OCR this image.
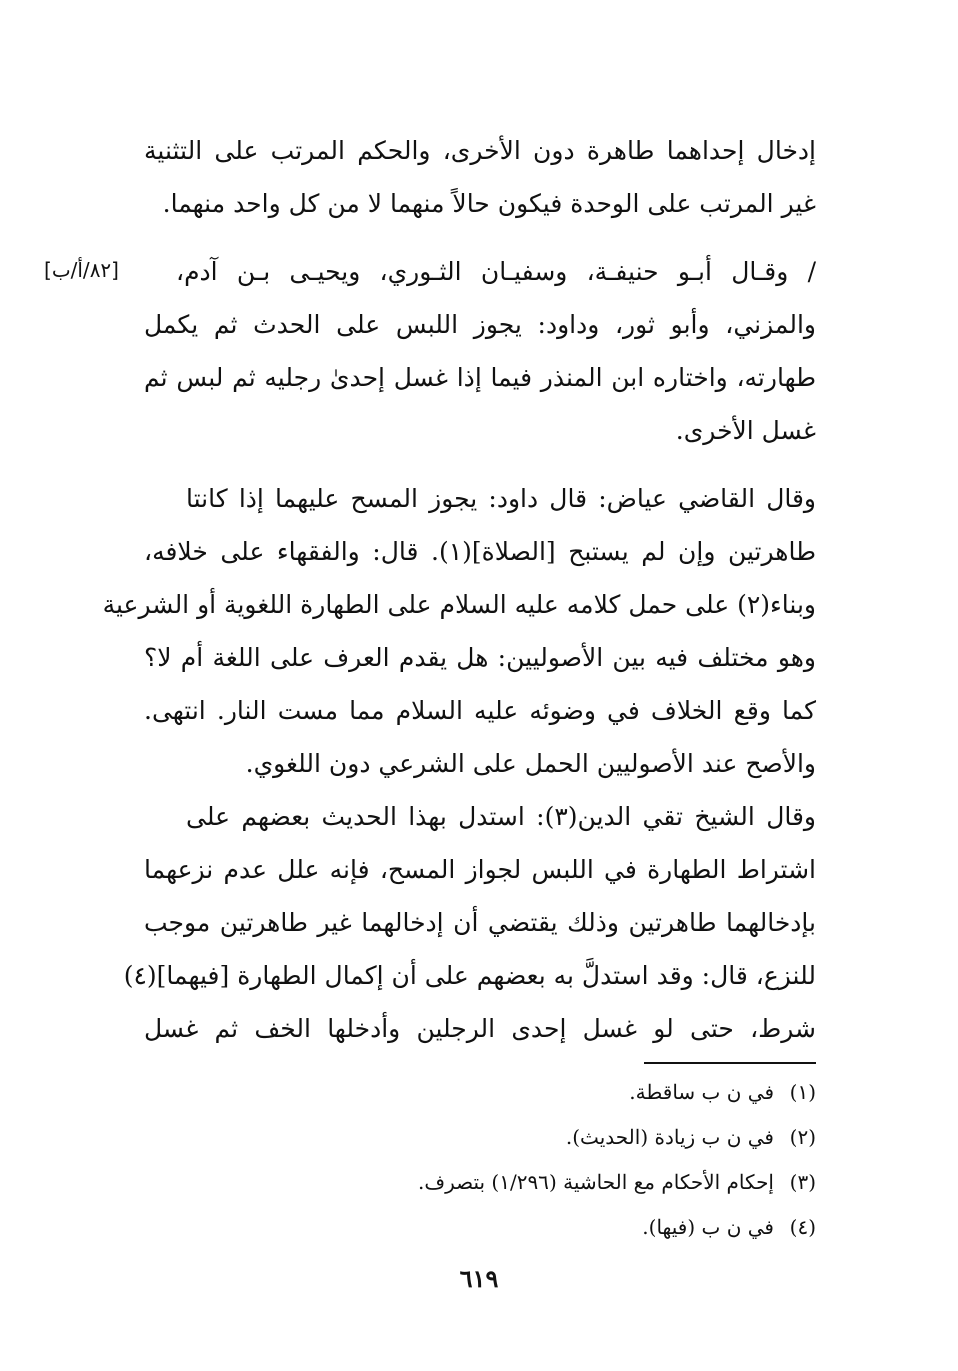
إدخال إحداهما طاهرة دون الأخرى، والحكم المرتب على التثنية
غير المرتب على الوحدة فيكون حالاً منهما لا من كل واحد منهما.
[٨٢/أ/ب] / وقـال أبـو حنيفـة، وسفيـان الثـوري، ويحيـى بـن آدم،
والمزني، وأبو ثور، وداود: يجوز اللبس على الحدث ثم يكمل
طهارته، واختاره ابن المنذر فيما إذا غسل إحدىٰ رجليه ثم لبس ثم
غسل الأخرى.
وقال القاضي عياض: قال داود: يجوز المسح عليهما إذا كانتا
طاهرتين وإن لم يستبح [الصلاة](١). قال: والفقهاء على خلافه،
وبناء(٢) على حمل كلامه عليه السلام على الطهارة اللغوية أو الشرعية
وهو مختلف فيه بين الأصوليين: هل يقدم العرف على اللغة أم لا؟
كما وقع الخلاف في وضوئه عليه السلام مما مست النار. انتهى.
والأصح عند الأصوليين الحمل على الشرعي دون اللغوي.
وقال الشيخ تقي الدين(٣): استدل بهذا الحديث بعضهم على
اشتراط الطهارة في اللبس لجواز المسح، فإنه علل عدم نزعهما
بإدخالهما طاهرتين وذلك يقتضي أن إدخالهما غير طاهرتين موجب
للنزع، قال: وقد استدلَّ به بعضهم على أن إكمال الطهارة [فيهما](٤)
شرط، حتى لو غسل إحدى الرجلين وأدخلها الخف ثم غسل
(١)في ن ب ساقطة.
(٢)في ن ب زيادة (الحديث).
(٣)إحكام الأحكام مع الحاشية (١/٢٩٦) بتصرف.
(٤)في ن ب (فيها).
٦١٩
